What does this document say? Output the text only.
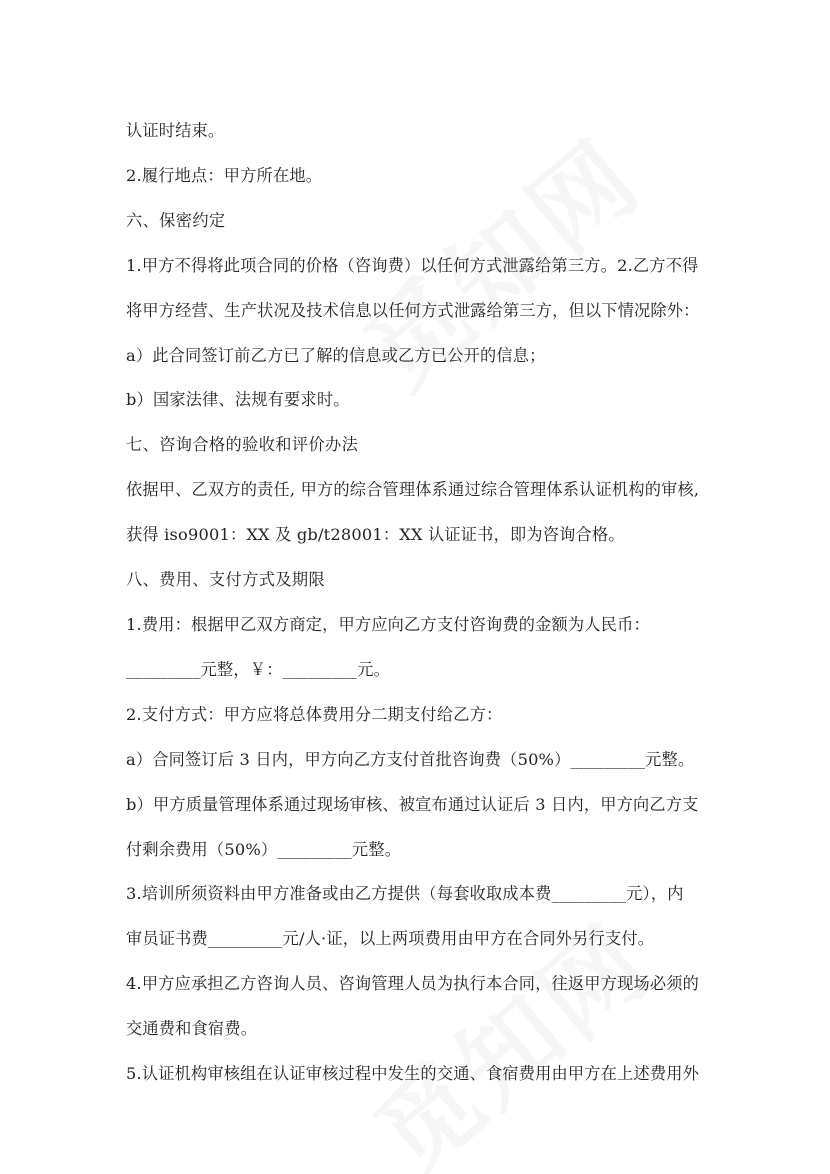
认证时结束。

2.履行地点：甲方所在地。

六、保密约定

1.甲方不得将此项合同的价格（咨询费）以任何方式泄露给第三方。2.乙方不得

将甲方经营、生产状况及技术信息以任何方式泄露给第三方，但以下情况除外：

a）此合同签订前乙方已了解的信息或乙方已公开的信息；

b）国家法律、法规有要求时。

七、咨询合格的验收和评价办法

依据甲、乙双方的责任, 甲方的综合管理体系通过综合管理体系认证机构的审核,

获得 iso9001：XX 及 gb/t28001：XX 认证证书，即为咨询合格。

八、费用、支付方式及期限

1.费用：根据甲乙双方商定，甲方应向乙方支付咨询费的金额为人民币：

_________元整，￥：_________元。

2.支付方式：甲方应将总体费用分二期支付给乙方：

a）合同签订后 3 日内，甲方向乙方支付首批咨询费（50%）_________元整。

b）甲方质量管理体系通过现场审核、被宣布通过认证后 3 日内，甲方向乙方支

付剩余费用（50%）_________元整。

3.培训所须资料由甲方准备或由乙方提供（每套收取成本费_________元），内

审员证书费_________元/人·证，以上两项费用由甲方在合同外另行支付。

4.甲方应承担乙方咨询人员、咨询管理人员为执行本合同，往返甲方现场必须的

交通费和食宿费。

5.认证机构审核组在认证审核过程中发生的交通、食宿费用由甲方在上述费用外
